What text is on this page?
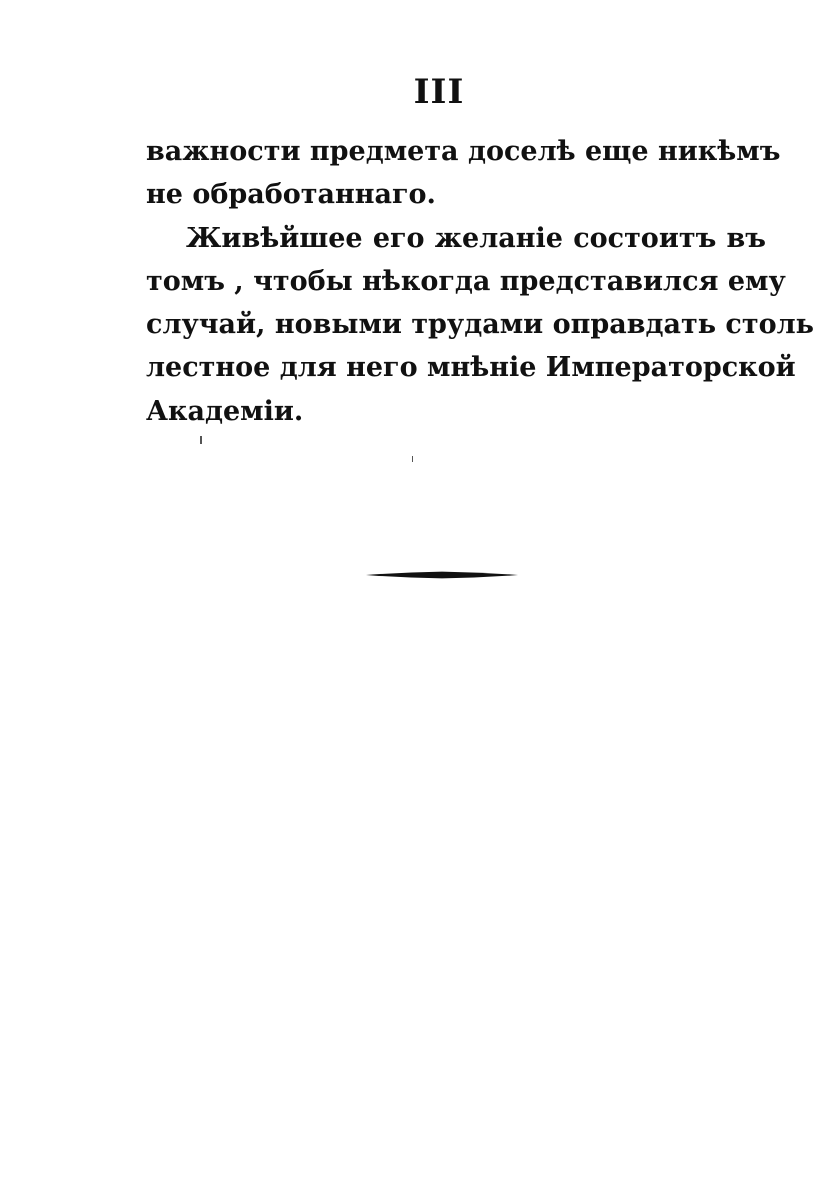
III

важности предмета доселѣ еще никѣмъ
не обработаннаго.

Живѣйшее его желаніе состоитъ въ
томъ , чтобы нѣкогда представился ему
случай, новыми трудами оправдать столь
лестное для него мнѣніе Императорской
Академіи.
